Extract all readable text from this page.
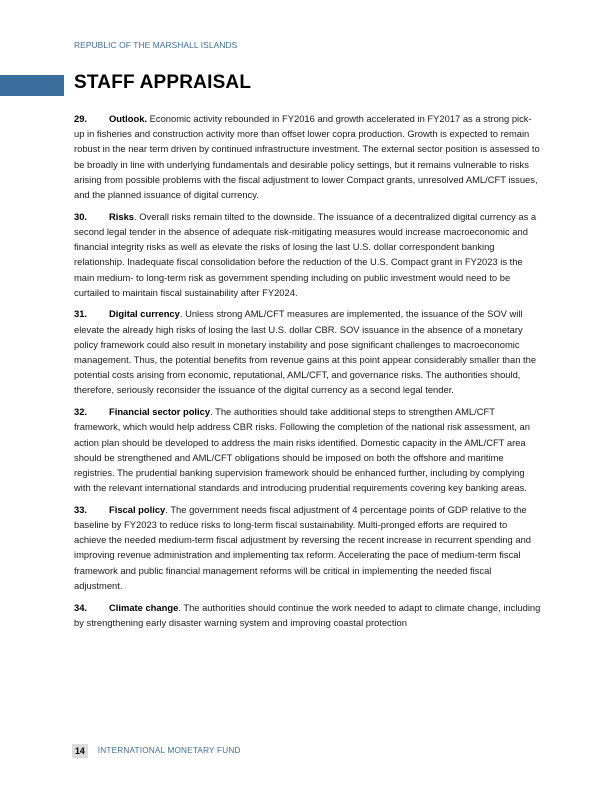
REPUBLIC OF THE MARSHALL ISLANDS
STAFF APPRAISAL

29. Outlook. Economic activity rebounded in FY2016 and growth accelerated in FY2017 as a strong pick-up in fisheries and construction activity more than offset lower copra production. Growth is expected to remain robust in the near term driven by continued infrastructure investment. The external sector position is assessed to be broadly in line with underlying fundamentals and desirable policy settings, but it remains vulnerable to risks arising from possible problems with the fiscal adjustment to lower Compact grants, unresolved AML/CFT issues, and the planned issuance of digital currency.

30. Risks. Overall risks remain tilted to the downside. The issuance of a decentralized digital currency as a second legal tender in the absence of adequate risk-mitigating measures would increase macroeconomic and financial integrity risks as well as elevate the risks of losing the last U.S. dollar correspondent banking relationship. Inadequate fiscal consolidation before the reduction of the U.S. Compact grant in FY2023 is the main medium- to long-term risk as government spending including on public investment would need to be curtailed to maintain fiscal sustainability after FY2024.

31. Digital currency. Unless strong AML/CFT measures are implemented, the issuance of the SOV will elevate the already high risks of losing the last U.S. dollar CBR. SOV issuance in the absence of a monetary policy framework could also result in monetary instability and pose significant challenges to macroeconomic management. Thus, the potential benefits from revenue gains at this point appear considerably smaller than the potential costs arising from economic, reputational, AML/CFT, and governance risks. The authorities should, therefore, seriously reconsider the issuance of the digital currency as a second legal tender.

32. Financial sector policy. The authorities should take additional steps to strengthen AML/CFT framework, which would help address CBR risks. Following the completion of the national risk assessment, an action plan should be developed to address the main risks identified. Domestic capacity in the AML/CFT area should be strengthened and AML/CFT obligations should be imposed on both the offshore and maritime registries. The prudential banking supervision framework should be enhanced further, including by complying with the relevant international standards and introducing prudential requirements covering key banking areas.

33. Fiscal policy. The government needs fiscal adjustment of 4 percentage points of GDP relative to the baseline by FY2023 to reduce risks to long-term fiscal sustainability. Multi-pronged efforts are required to achieve the needed medium-term fiscal adjustment by reversing the recent increase in recurrent spending and improving revenue administration and implementing tax reform. Accelerating the pace of medium-term fiscal framework and public financial management reforms will be critical in implementing the needed fiscal adjustment.

34. Climate change. The authorities should continue the work needed to adapt to climate change, including by strengthening early disaster warning system and improving coastal protection

14	INTERNATIONAL MONETARY FUND
